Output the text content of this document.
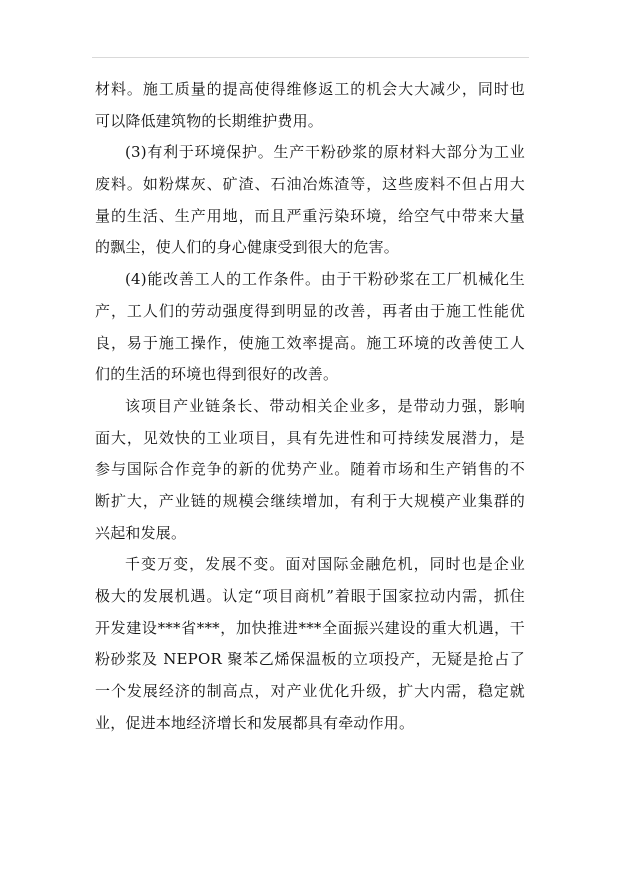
材料。施工质量的提高使得维修返工的机会大大减少，同时也
可以降低建筑物的长期维护费用。
(3)有利于环境保护。生产干粉砂浆的原材料大部分为工业
废料。如粉煤灰、矿渣、石油冶炼渣等，这些废料不但占用大
量的生活、生产用地，而且严重污染环境，给空气中带来大量
的飘尘，使人们的身心健康受到很大的危害。
(4)能改善工人的工作条件。由于干粉砂浆在工厂机械化生
产，工人们的劳动强度得到明显的改善，再者由于施工性能优
良，易于施工操作，使施工效率提高。施工环境的改善使工人
们的生活的环境也得到很好的改善。
该项目产业链条长、带动相关企业多，是带动力强，影响
面大，见效快的工业项目，具有先进性和可持续发展潜力，是
参与国际合作竞争的新的优势产业。随着市场和生产销售的不
断扩大，产业链的规模会继续增加，有利于大规模产业集群的
兴起和发展。
千变万变，发展不变。面对国际金融危机，同时也是企业
极大的发展机遇。认定“项目商机”着眼于国家拉动内需，抓住
开发建设***省***，加快推进***全面振兴建设的重大机遇，干
粉砂浆及 NEPOR 聚苯乙烯保温板的立项投产，无疑是抢占了
一个发展经济的制高点，对产业优化升级，扩大内需，稳定就
业，促进本地经济增长和发展都具有牵动作用。
